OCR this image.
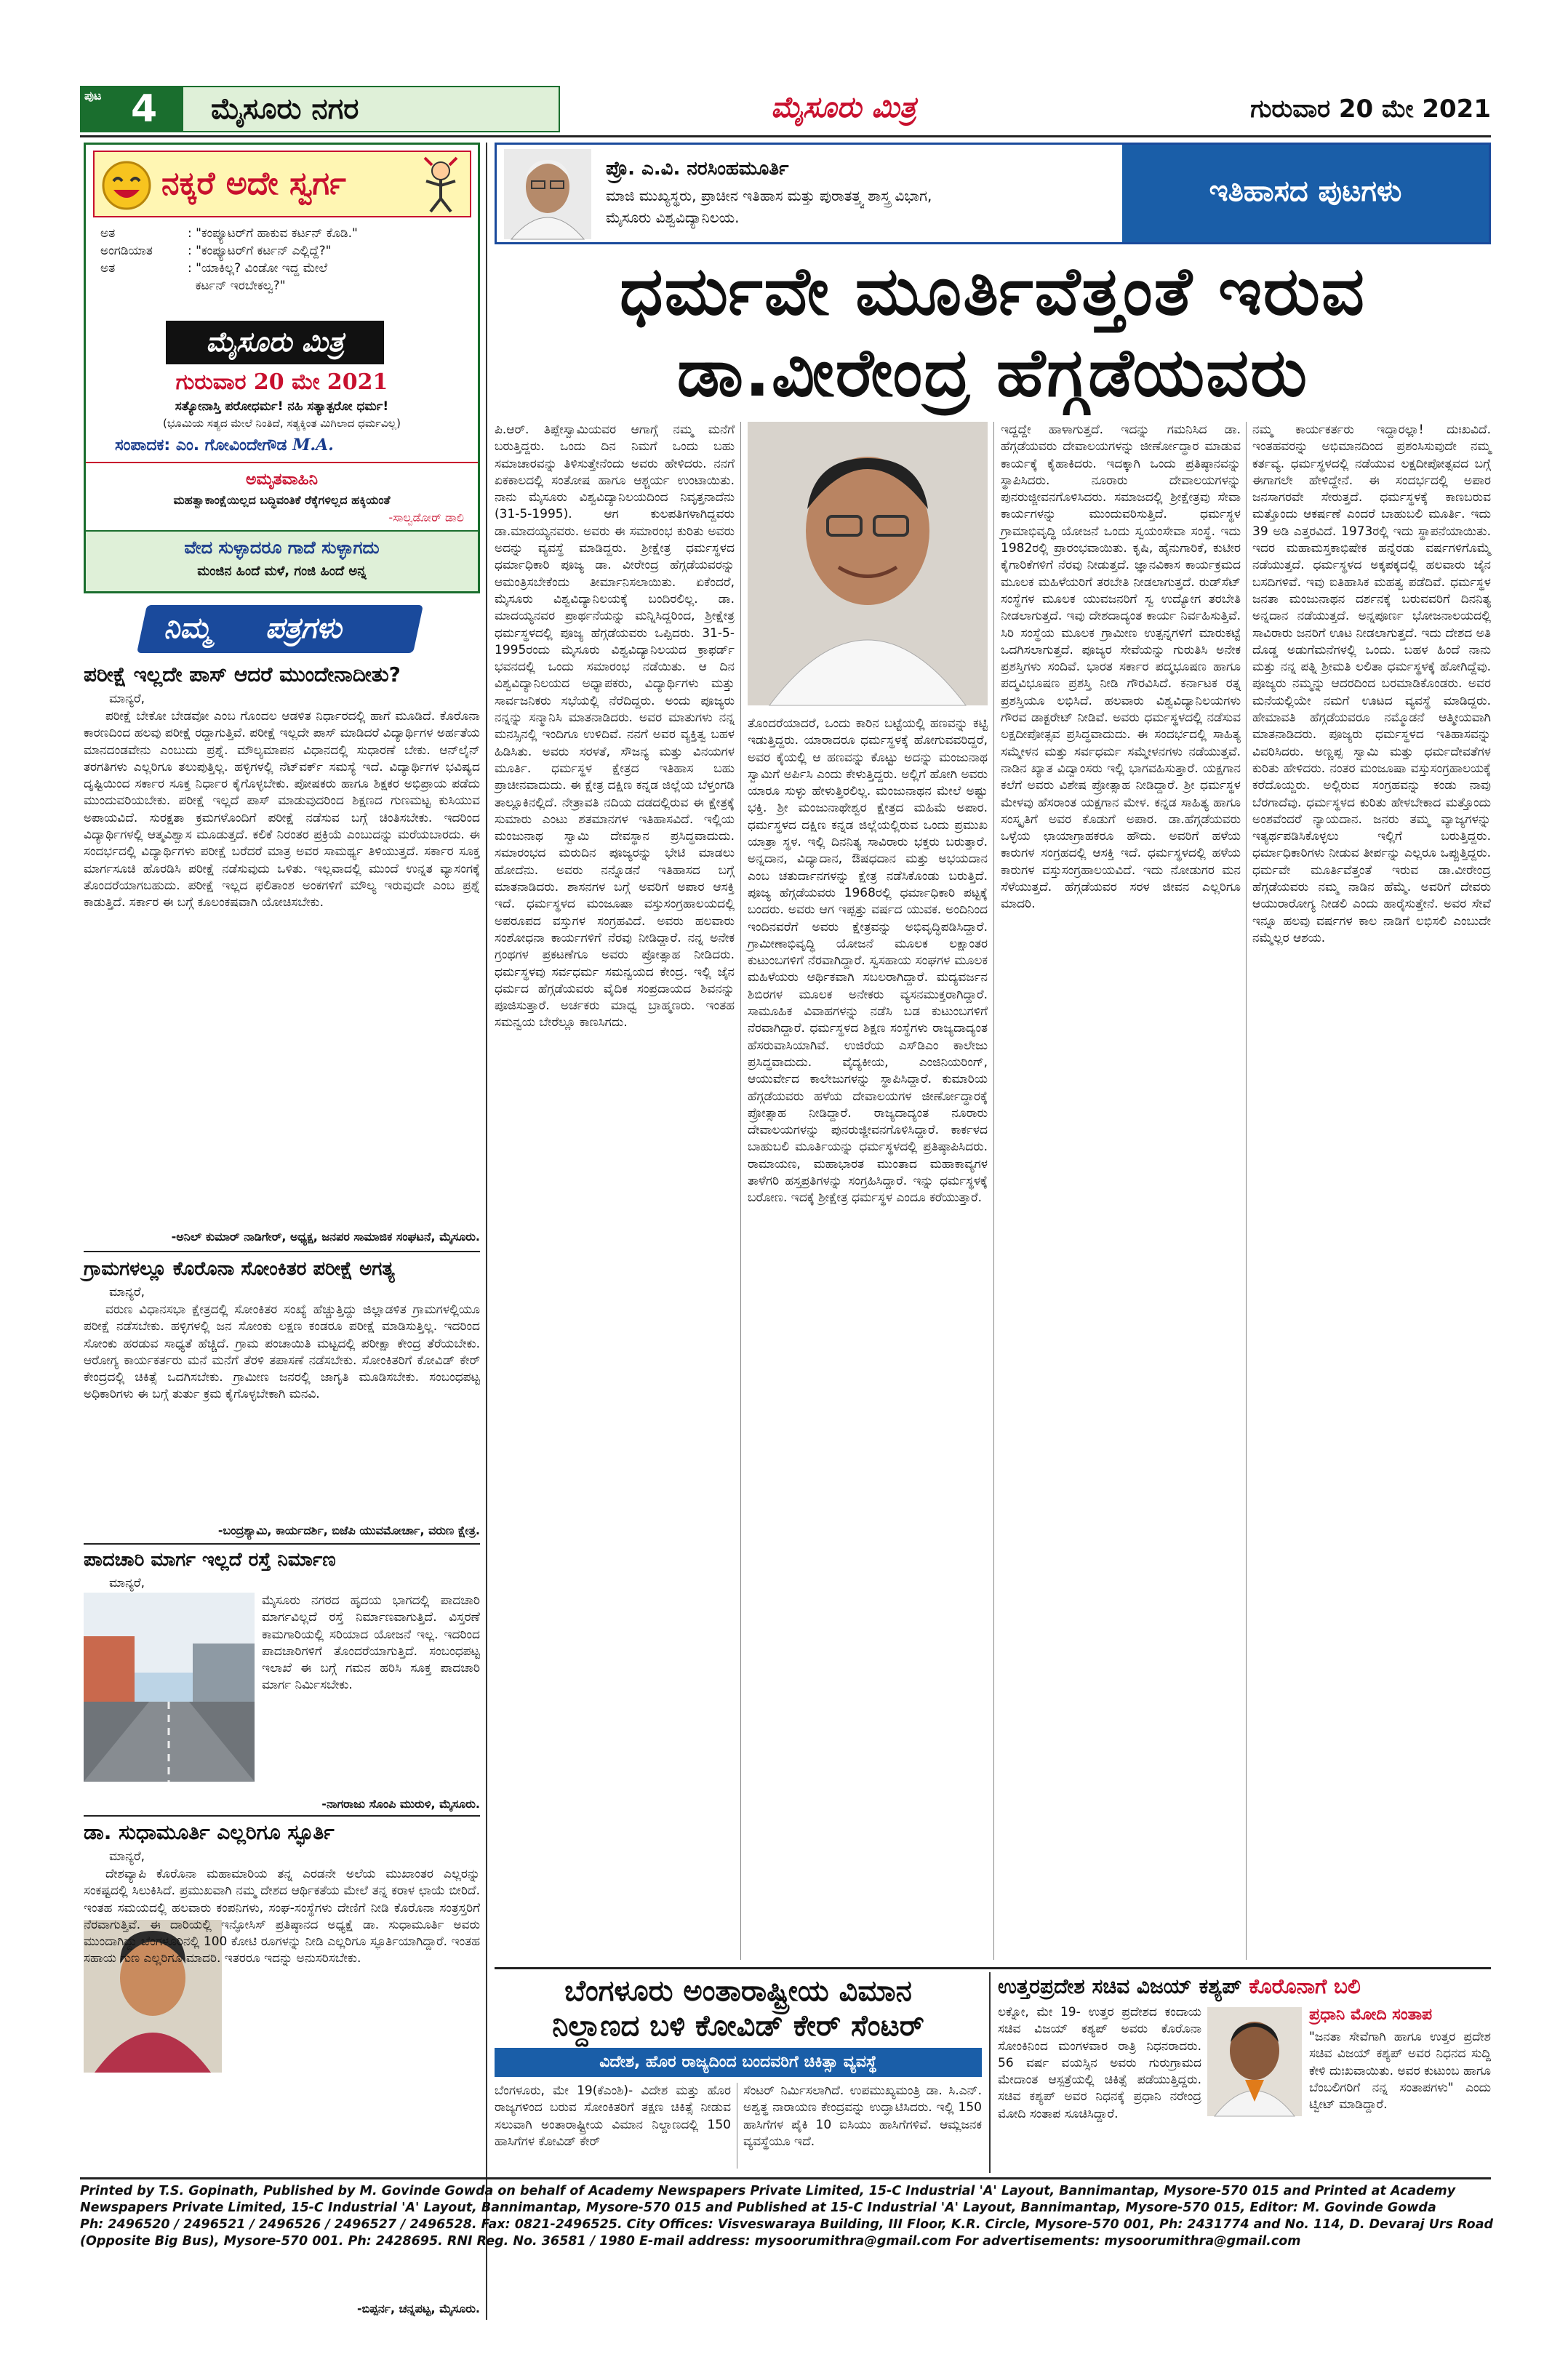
ಪುಟ 4 ಮೈಸೂರು ನಗರ	ಮೈಸೂರು ಮಿತ್ರ	ಗುರುವಾರ 20 ಮೇ 2021
ನಕ್ಕರೆ ಅದೇ ಸ್ವರ್ಗ
ಅತ	: "ಕಂಪ್ಯೂಟರ್‌ಗೆ ಹಾಕುವ ಕರ್ಟನ್ ಕೊಡಿ."
ಅಂಗಡಿಯಾತ	: "ಕಂಪ್ಯೂಟರ್‌ಗೆ ಕರ್ಟನ್ ಎಲ್ಲಿದ್ದೆ?"
ಅತ	: "ಯಾಕಿಲ್ಲ? ವಿಂಡೋ ಇದ್ದ ಮೇಲೆ
ಕರ್ಟನ್ ಇರಬೇಕಲ್ವ?"
ಮೈಸೂರು ಮಿತ್ರ
ಗುರುವಾರ 20 ಮೇ 2021
ಸತ್ಯೋನಾಸ್ತಿ ಪರೋಧರ್ಮ! ನಹಿ ಸತ್ಯಾತ್ಪರೋ ಧರ್ಮ!
(ಭೂಮಿಯ ಸತ್ಯದ ಮೇಲೆ ನಿಂತಿದೆ, ಸತ್ಯಕ್ಕಿಂತ ಮಿಗಿಲಾದ ಧರ್ಮವಿಲ್ಲ)
ಸಂಪಾದಕ: ಎಂ. ಗೋವಿಂದೇಗೌಡ M.A.
ಅಮೃತವಾಹಿನಿ
ಮಹತ್ವಾಕಾಂಕ್ಷೆಯಿಲ್ಲದ ಬದ್ಧಿವಂತಿಕೆ ರೆಕ್ಕೆಗಳಿಲ್ಲದ ಹಕ್ಕಿಯಂತೆ
-ಸಾಲ್ವಡೋರ್ ಡಾಲಿ
ವೇದ ಸುಳ್ಳಾದರೂ ಗಾದೆ ಸುಳ್ಳಾಗದು
ಮಂಜಿನ ಹಿಂದೆ ಮಳೆ, ಗಂಜಿ ಹಿಂದೆ ಅನ್ನ
ನಿಮ್ಮ ಪತ್ರಗಳು
ಪರೀಕ್ಷೆ ಇಲ್ಲದೇ ಪಾಸ್ ಆದರೆ ಮುಂದೇನಾದೀತು?
ಮಾನ್ಯರೆ,
ಪರೀಕ್ಷೆ ಬೇಕೋ ಬೇಡವೋ ಎಂಬ ಗೊಂದಲ ಆಡಳಿತ ನಿರ್ಧಾರದಲ್ಲಿ ಹಾಗೆ ಮೂಡಿದೆ. ಕೊರೊನಾ ಕಾರಣದಿಂದ ಹಲವು ಪರೀಕ್ಷೆ ರದ್ದಾಗುತ್ತಿವೆ. ಪರೀಕ್ಷೆ ಇಲ್ಲದೇ ಪಾಸ್ ಮಾಡಿದರೆ ವಿದ್ಯಾರ್ಥಿಗಳ ಅರ್ಹತೆಯ ಮಾನದಂಡವೇನು ಎಂಬುದು ಪ್ರಶ್ನೆ. ಮೌಲ್ಯಮಾಪನ ವಿಧಾನದಲ್ಲಿ ಸುಧಾರಣೆ ಬೇಕು. ಆನ್‌ಲೈನ್ ತರಗತಿಗಳು ಎಲ್ಲರಿಗೂ ತಲುಪುತ್ತಿಲ್ಲ. ಹಳ್ಳಿಗಳಲ್ಲಿ ನೆಟ್‌ವರ್ಕ್ ಸಮಸ್ಯೆ ಇದೆ. ವಿದ್ಯಾರ್ಥಿಗಳ ಭವಿಷ್ಯದ ದೃಷ್ಟಿಯಿಂದ ಸರ್ಕಾರ ಸೂಕ್ತ ನಿರ್ಧಾರ ಕೈಗೊಳ್ಳಬೇಕು. ಪೋಷಕರು ಹಾಗೂ ಶಿಕ್ಷಕರ ಅಭಿಪ್ರಾಯ ಪಡೆದು ಮುಂದುವರಿಯಬೇಕು. ಪರೀಕ್ಷೆ ಇಲ್ಲದೆ ಪಾಸ್ ಮಾಡುವುದರಿಂದ ಶಿಕ್ಷಣದ ಗುಣಮಟ್ಟ ಕುಸಿಯುವ ಅಪಾಯವಿದೆ. ಸುರಕ್ಷತಾ ಕ್ರಮಗಳೊಂದಿಗೆ ಪರೀಕ್ಷೆ ನಡೆಸುವ ಬಗ್ಗೆ ಚಿಂತಿಸಬೇಕು. ಇದರಿಂದ ವಿದ್ಯಾರ್ಥಿಗಳಲ್ಲಿ ಆತ್ಮವಿಶ್ವಾಸ ಮೂಡುತ್ತದೆ. ಕಲಿಕೆ ನಿರಂತರ ಪ್ರಕ್ರಿಯೆ ಎಂಬುದನ್ನು ಮರೆಯಬಾರದು. ಈ ಸಂದರ್ಭದಲ್ಲಿ ವಿದ್ಯಾರ್ಥಿಗಳು ಪರೀಕ್ಷೆ ಬರೆದರೆ ಮಾತ್ರ ಅವರ ಸಾಮರ್ಥ್ಯ ತಿಳಿಯುತ್ತದೆ. ಸರ್ಕಾರ ಸೂಕ್ತ ಮಾರ್ಗಸೂಚಿ ಹೊರಡಿಸಿ ಪರೀಕ್ಷೆ ನಡೆಸುವುದು ಒಳಿತು. ಇಲ್ಲವಾದಲ್ಲಿ ಮುಂದೆ ಉನ್ನತ ವ್ಯಾಸಂಗಕ್ಕೆ ತೊಂದರೆಯಾಗಬಹುದು. ಪರೀಕ್ಷೆ ಇಲ್ಲದ ಫಲಿತಾಂಶ ಅಂಕಗಳಿಗೆ ಮೌಲ್ಯ ಇರುವುದೇ ಎಂಬ ಪ್ರಶ್ನೆ ಕಾಡುತ್ತಿದೆ. ಸರ್ಕಾರ ಈ ಬಗ್ಗೆ ಕೂಲಂಕಷವಾಗಿ ಯೋಚಿಸಬೇಕು.
-ಅನಿಲ್ ಕುಮಾರ್ ನಾಡಿಗೇರ್, ಅಧ್ಯಕ್ಷ, ಜನಪರ ಸಾಮಾಜಿಕ ಸಂಘಟನೆ, ಮೈಸೂರು.
ಗ್ರಾಮಗಳಲ್ಲೂ ಕೊರೊನಾ ಸೋಂಕಿತರ ಪರೀಕ್ಷೆ ಅಗತ್ಯ
ಮಾನ್ಯರೆ,
ವರುಣ ವಿಧಾನಸಭಾ ಕ್ಷೇತ್ರದಲ್ಲಿ ಸೋಂಕಿತರ ಸಂಖ್ಯೆ ಹೆಚ್ಚುತ್ತಿದ್ದು ಜಿಲ್ಲಾಡಳಿತ ಗ್ರಾಮಗಳಲ್ಲಿಯೂ ಪರೀಕ್ಷೆ ನಡೆಸಬೇಕು. ಹಳ್ಳಿಗಳಲ್ಲಿ ಜನ ಸೋಂಕು ಲಕ್ಷಣ ಕಂಡರೂ ಪರೀಕ್ಷೆ ಮಾಡಿಸುತ್ತಿಲ್ಲ. ಇದರಿಂದ ಸೋಂಕು ಹರಡುವ ಸಾಧ್ಯತೆ ಹೆಚ್ಚಿದೆ. ಗ್ರಾಮ ಪಂಚಾಯಿತಿ ಮಟ್ಟದಲ್ಲಿ ಪರೀಕ್ಷಾ ಕೇಂದ್ರ ತೆರೆಯಬೇಕು. ಆರೋಗ್ಯ ಕಾರ್ಯಕರ್ತರು ಮನೆ ಮನೆಗೆ ತೆರಳಿ ತಪಾಸಣೆ ನಡೆಸಬೇಕು. ಸೋಂಕಿತರಿಗೆ ಕೋವಿಡ್ ಕೇರ್ ಕೇಂದ್ರದಲ್ಲಿ ಚಿಕಿತ್ಸೆ ಒದಗಿಸಬೇಕು. ಗ್ರಾಮೀಣ ಜನರಲ್ಲಿ ಜಾಗೃತಿ ಮೂಡಿಸಬೇಕು. ಸಂಬಂಧಪಟ್ಟ ಅಧಿಕಾರಿಗಳು ಈ ಬಗ್ಗೆ ತುರ್ತು ಕ್ರಮ ಕೈಗೊಳ್ಳಬೇಕಾಗಿ ಮನವಿ.
-ಬಂದ್ರಶ್ಯಾಮಿ, ಕಾರ್ಯದರ್ಶಿ, ಬಿಜೆಪಿ ಯುವಮೋರ್ಚಾ, ವರುಣ ಕ್ಷೇತ್ರ.
ಪಾದಚಾರಿ ಮಾರ್ಗ ಇಲ್ಲದೆ ರಸ್ತೆ ನಿರ್ಮಾಣ
ಮಾನ್ಯರೆ,
ಮೈಸೂರು ನಗರದ ಹೃದಯ ಭಾಗದಲ್ಲಿ ಪಾದಚಾರಿ ಮಾರ್ಗವಿಲ್ಲದೆ ರಸ್ತೆ ನಿರ್ಮಾಣವಾಗುತ್ತಿದೆ. ವಿಸ್ತರಣೆ ಕಾಮಗಾರಿಯಲ್ಲಿ ಸರಿಯಾದ ಯೋಜನೆ ಇಲ್ಲ. ಇದರಿಂದ ಪಾದಚಾರಿಗಳಿಗೆ ತೊಂದರೆಯಾಗುತ್ತಿದೆ. ಸಂಬಂಧಪಟ್ಟ ಇಲಾಖೆ ಈ ಬಗ್ಗೆ ಗಮನ ಹರಿಸಿ ಸೂಕ್ತ ಪಾದಚಾರಿ ಮಾರ್ಗ ನಿರ್ಮಿಸಬೇಕು.
-ನಾಗರಾಜು ಸೊಂಪಿ ಮುರುಳಿ, ಮೈಸೂರು.
ಡಾ. ಸುಧಾಮೂರ್ತಿ ಎಲ್ಲರಿಗೂ ಸ್ಫೂರ್ತಿ
ಮಾನ್ಯರೆ,
ದೇಶವ್ಯಾಪಿ ಕೊರೊನಾ ಮಹಾಮಾರಿಯ ತನ್ನ ಎರಡನೇ ಅಲೆಯ ಮುಖಾಂತರ ಎಲ್ಲರನ್ನು ಸಂಕಷ್ಟದಲ್ಲಿ ಸಿಲುಕಿಸಿದೆ. ಪ್ರಮುಖವಾಗಿ ನಮ್ಮ ದೇಶದ ಆರ್ಥಿಕತೆಯ ಮೇಲೆ ತನ್ನ ಕರಾಳ ಛಾಯೆ ಬೀರಿದೆ. ಇಂತಹ ಸಮಯದಲ್ಲಿ ಹಲವಾರು ಕಂಪನಿಗಳು, ಸಂಘ-ಸಂಸ್ಥೆಗಳು ದೇಣಿಗೆ ನೀಡಿ ಕೊರೊನಾ ಸಂತ್ರಸ್ತರಿಗೆ ನೆರವಾಗುತ್ತಿವೆ. ಈ ದಾರಿಯಲ್ಲಿ ಇನ್ಫೋಸಿಸ್ ಪ್ರತಿಷ್ಠಾನದ ಅಧ್ಯಕ್ಷೆ ಡಾ. ಸುಧಾಮೂರ್ತಿ ಅವರು ಮುಂದಾಗಿದ್ದು ಬೆಂಗಳೂರಿನಲ್ಲಿ 100 ಕೋಟಿ ರೂಗಳನ್ನು ನೀಡಿ ಎಲ್ಲರಿಗೂ ಸ್ಫೂರ್ತಿಯಾಗಿದ್ದಾರೆ. ಇಂತಹ ಸಹಾಯ ಗುಣ ಎಲ್ಲರಿಗೂ ಮಾದರಿ. ಇತರರೂ ಇದನ್ನು ಅನುಸರಿಸಬೇಕು.
-ಬಿಪ್ಪರ್ನ, ಚನ್ನಪಟ್ಟ, ಮೈಸೂರು.
ಪ್ರೊ. ಎ.ವಿ. ನರಸಿಂಹಮೂರ್ತಿ
ಮಾಜಿ ಮುಖ್ಯಸ್ಥರು, ಪ್ರಾಚೀನ ಇತಿಹಾಸ ಮತ್ತು ಪುರಾತತ್ತ್ವ ಶಾಸ್ತ್ರ ವಿಭಾಗ,
ಮೈಸೂರು ವಿಶ್ವವಿದ್ಯಾನಿಲಯ.
ಇತಿಹಾಸದ ಪುಟಗಳು
ಧರ್ಮವೇ ಮೂರ್ತಿವೆತ್ತಂತೆ ಇರುವ
ಡಾ.ವೀರೇಂದ್ರ ಹೆಗ್ಗಡೆಯವರು
ಪಿ.ಆರ್. ತಿಪ್ಪೇಸ್ವಾಮಿಯವರ ಆಗಾಗ್ಗೆ ನಮ್ಮ ಮನೆಗೆ ಬರುತ್ತಿದ್ದರು. ಒಂದು ದಿನ ನಿಮಗೆ ಒಂದು ಬಹು ಸಮಾಚಾರವನ್ನು ತಿಳಿಸುತ್ತೇನೆಂದು ಅವರು ಹೇಳಿದರು. ನನಗೆ ಏಕಕಾಲದಲ್ಲಿ ಸಂತೋಷ ಹಾಗೂ ಆಶ್ಚರ್ಯ ಉಂಟಾಯಿತು. ನಾನು ಮೈಸೂರು ವಿಶ್ವವಿದ್ಯಾನಿಲಯದಿಂದ ನಿವೃತ್ತನಾದೆನು (31-5-1995). ಆಗ ಕುಲಪತಿಗಳಾಗಿದ್ದವರು ಡಾ.ಮಾದಯ್ಯನವರು. ಅವರು ಈ ಸಮಾರಂಭ ಕುರಿತು ಅವರು ಅದನ್ನು ವ್ಯವಸ್ಥೆ ಮಾಡಿದ್ದರು. ಶ್ರೀಕ್ಷೇತ್ರ ಧರ್ಮಸ್ಥಳದ ಧರ್ಮಾಧಿಕಾರಿ ಪೂಜ್ಯ ಡಾ. ವೀರೇಂದ್ರ ಹೆಗ್ಗಡೆಯವರನ್ನು ಆಮಂತ್ರಿಸಬೇಕೆಂದು ತೀರ್ಮಾನಿಸಲಾಯಿತು. ಏಕೆಂದರೆ, ಮೈಸೂರು ವಿಶ್ವವಿದ್ಯಾನಿಲಯಕ್ಕೆ ಬಂದಿರಲಿಲ್ಲ. ಡಾ. ಮಾದಯ್ಯನವರ ಪ್ರಾರ್ಥನೆಯನ್ನು ಮನ್ನಿಸಿದ್ದರಿಂದ, ಶ್ರೀಕ್ಷೇತ್ರ ಧರ್ಮಸ್ಥಳದಲ್ಲಿ ಪೂಜ್ಯ ಹೆಗ್ಗಡೆಯವರು ಒಪ್ಪಿದರು. 31-5-1995ರಂದು ಮೈಸೂರು ವಿಶ್ವವಿದ್ಯಾನಿಲಯದ ಕ್ರಾಫರ್ಡ್ ಭವನದಲ್ಲಿ ಒಂದು ಸಮಾರಂಭ ನಡೆಯಿತು. ಆ ದಿನ ವಿಶ್ವವಿದ್ಯಾನಿಲಯದ ಅಧ್ಯಾಪಕರು, ವಿದ್ಯಾರ್ಥಿಗಳು ಮತ್ತು ಸಾರ್ವಜನಿಕರು ಸಭೆಯಲ್ಲಿ ನೆರೆದಿದ್ದರು. ಅಂದು ಪೂಜ್ಯರು ನನ್ನನ್ನು ಸನ್ಮಾನಿಸಿ ಮಾತನಾಡಿದರು. ಅವರ ಮಾತುಗಳು ನನ್ನ ಮನಸ್ಸಿನಲ್ಲಿ ಇಂದಿಗೂ ಉಳಿದಿವೆ. ನನಗೆ ಅವರ ವ್ಯಕ್ತಿತ್ವ ಬಹಳ ಹಿಡಿಸಿತು. ಅವರು ಸರಳತೆ, ಸೌಜನ್ಯ ಮತ್ತು ವಿನಯಗಳ ಮೂರ್ತಿ. ಧರ್ಮಸ್ಥಳ ಕ್ಷೇತ್ರದ ಇತಿಹಾಸ ಬಹು ಪ್ರಾಚೀನವಾದುದು. ಈ ಕ್ಷೇತ್ರ ದಕ್ಷಿಣ ಕನ್ನಡ ಜಿಲ್ಲೆಯ ಬೆಳ್ತಂಗಡಿ ತಾಲ್ಲೂಕಿನಲ್ಲಿದೆ. ನೇತ್ರಾವತಿ ನದಿಯ ದಡದಲ್ಲಿರುವ ಈ ಕ್ಷೇತ್ರಕ್ಕೆ ಸುಮಾರು ಎಂಟು ಶತಮಾನಗಳ ಇತಿಹಾಸವಿದೆ. ಇಲ್ಲಿಯ ಮಂಜುನಾಥ ಸ್ವಾಮಿ ದೇವಸ್ಥಾನ ಪ್ರಸಿದ್ಧವಾದುದು. ಸಮಾರಂಭದ ಮರುದಿನ ಪೂಜ್ಯರನ್ನು ಭೇಟಿ ಮಾಡಲು ಹೋದೆನು. ಅವರು ನನ್ನೊಡನೆ ಇತಿಹಾಸದ ಬಗ್ಗೆ ಮಾತನಾಡಿದರು. ಶಾಸನಗಳ ಬಗ್ಗೆ ಅವರಿಗೆ ಅಪಾರ ಆಸಕ್ತಿ ಇದೆ. ಧರ್ಮಸ್ಥಳದ ಮಂಜೂಷಾ ವಸ್ತುಸಂಗ್ರಹಾಲಯದಲ್ಲಿ ಅಪರೂಪದ ವಸ್ತುಗಳ ಸಂಗ್ರಹವಿದೆ. ಅವರು ಹಲವಾರು ಸಂಶೋಧನಾ ಕಾರ್ಯಗಳಿಗೆ ನೆರವು ನೀಡಿದ್ದಾರೆ. ನನ್ನ ಅನೇಕ ಗ್ರಂಥಗಳ ಪ್ರಕಟಣೆಗೂ ಅವರು ಪ್ರೋತ್ಸಾಹ ನೀಡಿದರು. ಧರ್ಮಸ್ಥಳವು ಸರ್ವಧರ್ಮ ಸಮನ್ವಯದ ಕೇಂದ್ರ. ಇಲ್ಲಿ ಜೈನ ಧರ್ಮದ ಹೆಗ್ಗಡೆಯವರು ವೈದಿಕ ಸಂಪ್ರದಾಯದ ಶಿವನನ್ನು ಪೂಜಿಸುತ್ತಾರೆ. ಅರ್ಚಕರು ಮಾಧ್ವ ಬ್ರಾಹ್ಮಣರು. ಇಂತಹ ಸಮನ್ವಯ ಬೇರೆಲ್ಲೂ ಕಾಣಸಿಗದು.
ತೊಂದರೆಯಾದರೆ, ಒಂದು ಕಾರಿನ ಬಟ್ಟೆಯಲ್ಲಿ ಹಣವನ್ನು ಕಟ್ಟಿ ಇಡುತ್ತಿದ್ದರು. ಯಾರಾದರೂ ಧರ್ಮಸ್ಥಳಕ್ಕೆ ಹೋಗುವವರಿದ್ದರೆ, ಅವರ ಕೈಯಲ್ಲಿ ಆ ಹಣವನ್ನು ಕೊಟ್ಟು ಅದನ್ನು ಮಂಜುನಾಥ ಸ್ವಾಮಿಗೆ ಅರ್ಪಿಸಿ ಎಂದು ಕೇಳುತ್ತಿದ್ದರು. ಅಲ್ಲಿಗೆ ಹೋಗಿ ಅವರು ಯಾರೂ ಸುಳ್ಳು ಹೇಳುತ್ತಿರಲಿಲ್ಲ. ಮಂಜುನಾಥನ ಮೇಲೆ ಅಷ್ಟು ಭಕ್ತಿ. ಶ್ರೀ ಮಂಜುನಾಥೇಶ್ವರ ಕ್ಷೇತ್ರದ ಮಹಿಮೆ ಅಪಾರ. ಧರ್ಮಸ್ಥಳದ ದಕ್ಷಿಣ ಕನ್ನಡ ಜಿಲ್ಲೆಯಲ್ಲಿರುವ ಒಂದು ಪ್ರಮುಖ ಯಾತ್ರಾ ಸ್ಥಳ. ಇಲ್ಲಿ ದಿನನಿತ್ಯ ಸಾವಿರಾರು ಭಕ್ತರು ಬರುತ್ತಾರೆ. ಅನ್ನದಾನ, ವಿದ್ಯಾದಾನ, ಔಷಧದಾನ ಮತ್ತು ಅಭಯದಾನ ಎಂಬ ಚತುರ್ದಾನಗಳನ್ನು ಕ್ಷೇತ್ರ ನಡೆಸಿಕೊಂಡು ಬರುತ್ತಿದೆ. ಪೂಜ್ಯ ಹೆಗ್ಗಡೆಯವರು 1968ರಲ್ಲಿ ಧರ್ಮಾಧಿಕಾರಿ ಪಟ್ಟಕ್ಕೆ ಬಂದರು. ಅವರು ಆಗ ಇಪ್ಪತ್ತು ವರ್ಷದ ಯುವಕ. ಅಂದಿನಿಂದ ಇಂದಿನವರೆಗೆ ಅವರು ಕ್ಷೇತ್ರವನ್ನು ಅಭಿವೃದ್ಧಿಪಡಿಸಿದ್ದಾರೆ. ಗ್ರಾಮೀಣಾಭಿವೃದ್ಧಿ ಯೋಜನೆ ಮೂಲಕ ಲಕ್ಷಾಂತರ ಕುಟುಂಬಗಳಿಗೆ ನೆರವಾಗಿದ್ದಾರೆ. ಸ್ವಸಹಾಯ ಸಂಘಗಳ ಮೂಲಕ ಮಹಿಳೆಯರು ಆರ್ಥಿಕವಾಗಿ ಸಬಲರಾಗಿದ್ದಾರೆ. ಮದ್ಯವರ್ಜನ ಶಿಬಿರಗಳ ಮೂಲಕ ಅನೇಕರು ವ್ಯಸನಮುಕ್ತರಾಗಿದ್ದಾರೆ. ಸಾಮೂಹಿಕ ವಿವಾಹಗಳನ್ನು ನಡೆಸಿ ಬಡ ಕುಟುಂಬಗಳಿಗೆ ನೆರವಾಗಿದ್ದಾರೆ. ಧರ್ಮಸ್ಥಳದ ಶಿಕ್ಷಣ ಸಂಸ್ಥೆಗಳು ರಾಜ್ಯದಾದ್ಯಂತ ಹೆಸರುವಾಸಿಯಾಗಿವೆ. ಉಜಿರೆಯ ಎಸ್‌ಡಿಎಂ ಕಾಲೇಜು ಪ್ರಸಿದ್ಧವಾದುದು. ವೈದ್ಯಕೀಯ, ಎಂಜಿನಿಯರಿಂಗ್, ಆಯುರ್ವೇದ ಕಾಲೇಜುಗಳನ್ನು ಸ್ಥಾಪಿಸಿದ್ದಾರೆ. ಕುಮಾರಿಯ ಹೆಗ್ಗಡೆಯವರು ಹಳೆಯ ದೇವಾಲಯಗಳ ಜೀರ್ಣೋದ್ಧಾರಕ್ಕೆ ಪ್ರೋತ್ಸಾಹ ನೀಡಿದ್ದಾರೆ. ರಾಜ್ಯದಾದ್ಯಂತ ನೂರಾರು ದೇವಾಲಯಗಳನ್ನು ಪುನರುಜ್ಜೀವನಗೊಳಿಸಿದ್ದಾರೆ. ಕಾರ್ಕಳದ ಬಾಹುಬಲಿ ಮೂರ್ತಿಯನ್ನು ಧರ್ಮಸ್ಥಳದಲ್ಲಿ ಪ್ರತಿಷ್ಠಾಪಿಸಿದರು. ರಾಮಾಯಣ, ಮಹಾಭಾರತ ಮುಂತಾದ ಮಹಾಕಾವ್ಯಗಳ ತಾಳೆಗರಿ ಹಸ್ತಪ್ರತಿಗಳನ್ನು ಸಂಗ್ರಹಿಸಿದ್ದಾರೆ. ಇನ್ನು ಧರ್ಮಸ್ಥಳಕ್ಕೆ ಬರೋಣ. ಇದಕ್ಕೆ ಶ್ರೀಕ್ಷೇತ್ರ ಧರ್ಮಸ್ಥಳ ಎಂದೂ ಕರೆಯುತ್ತಾರೆ.
ಇದ್ದದ್ದೇ ಹಾಳಾಗುತ್ತದೆ. ಇದನ್ನು ಗಮನಿಸಿದ ಡಾ. ಹೆಗ್ಗಡೆಯವರು ದೇವಾಲಯಗಳನ್ನು ಜೀರ್ಣೋದ್ಧಾರ ಮಾಡುವ ಕಾರ್ಯಕ್ಕೆ ಕೈಹಾಕಿದರು. ಇದಕ್ಕಾಗಿ ಒಂದು ಪ್ರತಿಷ್ಠಾನವನ್ನು ಸ್ಥಾಪಿಸಿದರು. ನೂರಾರು ದೇವಾಲಯಗಳನ್ನು ಪುನರುಜ್ಜೀವನಗೊಳಿಸಿದರು. ಸಮಾಜದಲ್ಲಿ ಶ್ರೀಕ್ಷೇತ್ರವು ಸೇವಾ ಕಾರ್ಯಗಳನ್ನು ಮುಂದುವರಿಸುತ್ತಿದೆ. ಧರ್ಮಸ್ಥಳ ಗ್ರಾಮಾಭಿವೃದ್ಧಿ ಯೋಜನೆ ಒಂದು ಸ್ವಯಂಸೇವಾ ಸಂಸ್ಥೆ. ಇದು 1982ರಲ್ಲಿ ಪ್ರಾರಂಭವಾಯಿತು. ಕೃಷಿ, ಹೈನುಗಾರಿಕೆ, ಕುಟೀರ ಕೈಗಾರಿಕೆಗಳಿಗೆ ನೆರವು ನೀಡುತ್ತದೆ. ಜ್ಞಾನವಿಕಾಸ ಕಾರ್ಯಕ್ರಮದ ಮೂಲಕ ಮಹಿಳೆಯರಿಗೆ ತರಬೇತಿ ನೀಡಲಾಗುತ್ತದೆ. ರುಡ್‌ಸೆಟ್ ಸಂಸ್ಥೆಗಳ ಮೂಲಕ ಯುವಜನರಿಗೆ ಸ್ವ ಉದ್ಯೋಗ ತರಬೇತಿ ನೀಡಲಾಗುತ್ತದೆ. ಇವು ದೇಶದಾದ್ಯಂತ ಕಾರ್ಯ ನಿರ್ವಹಿಸುತ್ತಿವೆ. ಸಿರಿ ಸಂಸ್ಥೆಯ ಮೂಲಕ ಗ್ರಾಮೀಣ ಉತ್ಪನ್ನಗಳಿಗೆ ಮಾರುಕಟ್ಟೆ ಒದಗಿಸಲಾಗುತ್ತದೆ. ಪೂಜ್ಯರ ಸೇವೆಯನ್ನು ಗುರುತಿಸಿ ಅನೇಕ ಪ್ರಶಸ್ತಿಗಳು ಸಂದಿವೆ. ಭಾರತ ಸರ್ಕಾರ ಪದ್ಮಭೂಷಣ ಹಾಗೂ ಪದ್ಮವಿಭೂಷಣ ಪ್ರಶಸ್ತಿ ನೀಡಿ ಗೌರವಿಸಿದೆ. ಕರ್ನಾಟಕ ರತ್ನ ಪ್ರಶಸ್ತಿಯೂ ಲಭಿಸಿದೆ. ಹಲವಾರು ವಿಶ್ವವಿದ್ಯಾನಿಲಯಗಳು ಗೌರವ ಡಾಕ್ಟರೇಟ್ ನೀಡಿವೆ. ಅವರು ಧರ್ಮಸ್ಥಳದಲ್ಲಿ ನಡೆಸುವ ಲಕ್ಷದೀಪೋತ್ಸವ ಪ್ರಸಿದ್ಧವಾದುದು. ಈ ಸಂದರ್ಭದಲ್ಲಿ ಸಾಹಿತ್ಯ ಸಮ್ಮೇಳನ ಮತ್ತು ಸರ್ವಧರ್ಮ ಸಮ್ಮೇಳನಗಳು ನಡೆಯುತ್ತವೆ. ನಾಡಿನ ಖ್ಯಾತ ವಿದ್ವಾಂಸರು ಇಲ್ಲಿ ಭಾಗವಹಿಸುತ್ತಾರೆ. ಯಕ್ಷಗಾನ ಕಲೆಗೆ ಅವರು ವಿಶೇಷ ಪ್ರೋತ್ಸಾಹ ನೀಡಿದ್ದಾರೆ. ಶ್ರೀ ಧರ್ಮಸ್ಥಳ ಮೇಳವು ಹೆಸರಾಂತ ಯಕ್ಷಗಾನ ಮೇಳ. ಕನ್ನಡ ಸಾಹಿತ್ಯ ಹಾಗೂ ಸಂಸ್ಕೃತಿಗೆ ಅವರ ಕೊಡುಗೆ ಅಪಾರ. ಡಾ.ಹೆಗ್ಗಡೆಯವರು ಒಳ್ಳೆಯ ಛಾಯಾಗ್ರಾಹಕರೂ ಹೌದು. ಅವರಿಗೆ ಹಳೆಯ ಕಾರುಗಳ ಸಂಗ್ರಹದಲ್ಲಿ ಆಸಕ್ತಿ ಇದೆ. ಧರ್ಮಸ್ಥಳದಲ್ಲಿ ಹಳೆಯ ಕಾರುಗಳ ವಸ್ತುಸಂಗ್ರಹಾಲಯವಿದೆ. ಇದು ನೋಡುಗರ ಮನ ಸೆಳೆಯುತ್ತದೆ. ಹೆಗ್ಗಡೆಯವರ ಸರಳ ಜೀವನ ಎಲ್ಲರಿಗೂ ಮಾದರಿ.
ನಮ್ಮ ಕಾರ್ಯಕರ್ತರು ಇದ್ದಾರಲ್ಲಾ! ದುಃಖವಿದೆ. ಇಂತಹವರನ್ನು ಅಭಿಮಾನದಿಂದ ಪ್ರಶಂಸಿಸುವುದೇ ನಮ್ಮ ಕರ್ತವ್ಯ. ಧರ್ಮಸ್ಥಳದಲ್ಲಿ ನಡೆಯುವ ಲಕ್ಷದೀಪೋತ್ಸವದ ಬಗ್ಗೆ ಈಗಾಗಲೇ ಹೇಳಿದ್ದೇನೆ. ಈ ಸಂದರ್ಭದಲ್ಲಿ ಅಪಾರ ಜನಸಾಗರವೇ ಸೇರುತ್ತದೆ. ಧರ್ಮಸ್ಥಳಕ್ಕೆ ಕಾಣಬರುವ ಮತ್ತೊಂದು ಆಕರ್ಷಣೆ ಎಂದರೆ ಬಾಹುಬಲಿ ಮೂರ್ತಿ. ಇದು 39 ಅಡಿ ಎತ್ತರವಿದೆ. 1973ರಲ್ಲಿ ಇದು ಸ್ಥಾಪನೆಯಾಯಿತು. ಇದರ ಮಹಾಮಸ್ತಕಾಭಿಷೇಕ ಹನ್ನೆರಡು ವರ್ಷಗಳಿಗೊಮ್ಮೆ ನಡೆಯುತ್ತದೆ. ಧರ್ಮಸ್ಥಳದ ಅಕ್ಕಪಕ್ಕದಲ್ಲಿ ಹಲವಾರು ಜೈನ ಬಸದಿಗಳಿವೆ. ಇವು ಐತಿಹಾಸಿಕ ಮಹತ್ವ ಪಡೆದಿವೆ. ಧರ್ಮಸ್ಥಳ ಜನತಾ ಮಂಜುನಾಥನ ದರ್ಶನಕ್ಕೆ ಬರುವವರಿಗೆ ದಿನನಿತ್ಯ ಅನ್ನದಾನ ನಡೆಯುತ್ತದೆ. ಅನ್ನಪೂರ್ಣ ಭೋಜನಾಲಯದಲ್ಲಿ ಸಾವಿರಾರು ಜನರಿಗೆ ಊಟ ನೀಡಲಾಗುತ್ತದೆ. ಇದು ದೇಶದ ಅತಿ ದೊಡ್ಡ ಅಡುಗೆಮನೆಗಳಲ್ಲಿ ಒಂದು. ಬಹಳ ಹಿಂದೆ ನಾನು ಮತ್ತು ನನ್ನ ಪತ್ನಿ ಶ್ರೀಮತಿ ಲಲಿತಾ ಧರ್ಮಸ್ಥಳಕ್ಕೆ ಹೋಗಿದ್ದೆವು. ಪೂಜ್ಯರು ನಮ್ಮನ್ನು ಆದರದಿಂದ ಬರಮಾಡಿಕೊಂಡರು. ಅವರ ಮನೆಯಲ್ಲಿಯೇ ನಮಗೆ ಊಟದ ವ್ಯವಸ್ಥೆ ಮಾಡಿದ್ದರು. ಹೇಮಾವತಿ ಹೆಗ್ಗಡೆಯವರೂ ನಮ್ಮೊಡನೆ ಆತ್ಮೀಯವಾಗಿ ಮಾತನಾಡಿದರು. ಪೂಜ್ಯರು ಧರ್ಮಸ್ಥಳದ ಇತಿಹಾಸವನ್ನು ವಿವರಿಸಿದರು. ಅಣ್ಣಪ್ಪ ಸ್ವಾಮಿ ಮತ್ತು ಧರ್ಮದೇವತೆಗಳ ಕುರಿತು ಹೇಳಿದರು. ನಂತರ ಮಂಜೂಷಾ ವಸ್ತುಸಂಗ್ರಹಾಲಯಕ್ಕೆ ಕರೆದೊಯ್ದರು. ಅಲ್ಲಿರುವ ಸಂಗ್ರಹವನ್ನು ಕಂಡು ನಾವು ಬೆರಗಾದೆವು. ಧರ್ಮಸ್ಥಳದ ಕುರಿತು ಹೇಳಬೇಕಾದ ಮತ್ತೊಂದು ಅಂಶವೆಂದರೆ ನ್ಯಾಯದಾನ. ಜನರು ತಮ್ಮ ವ್ಯಾಜ್ಯಗಳನ್ನು ಇತ್ಯರ್ಥಪಡಿಸಿಕೊಳ್ಳಲು ಇಲ್ಲಿಗೆ ಬರುತ್ತಿದ್ದರು. ಧರ್ಮಾಧಿಕಾರಿಗಳು ನೀಡುವ ತೀರ್ಪನ್ನು ಎಲ್ಲರೂ ಒಪ್ಪುತ್ತಿದ್ದರು. ಧರ್ಮವೇ ಮೂರ್ತಿವೆತ್ತಂತೆ ಇರುವ ಡಾ.ವೀರೇಂದ್ರ ಹೆಗ್ಗಡೆಯವರು ನಮ್ಮ ನಾಡಿನ ಹೆಮ್ಮೆ. ಅವರಿಗೆ ದೇವರು ಆಯುರಾರೋಗ್ಯ ನೀಡಲಿ ಎಂದು ಹಾರೈಸುತ್ತೇನೆ. ಅವರ ಸೇವೆ ಇನ್ನೂ ಹಲವು ವರ್ಷಗಳ ಕಾಲ ನಾಡಿಗೆ ಲಭಿಸಲಿ ಎಂಬುದೇ ನಮ್ಮೆಲ್ಲರ ಆಶಯ.
ಬೆಂಗಳೂರು ಅಂತಾರಾಷ್ಟ್ರೀಯ ವಿಮಾನ
ನಿಲ್ದಾಣದ ಬಳಿ ಕೋವಿಡ್ ಕೇರ್ ಸೆಂಟರ್
ವಿದೇಶ, ಹೊರ ರಾಜ್ಯದಿಂದ ಬಂದವರಿಗೆ ಚಿಕಿತ್ಸಾ ವ್ಯವಸ್ಥೆ
ಬೆಂಗಳೂರು, ಮೇ 19(ಕೆಎಂಶಿ)- ವಿದೇಶ ಮತ್ತು ಹೊರ ರಾಜ್ಯಗಳಿಂದ ಬರುವ ಸೋಂಕಿತರಿಗೆ ತಕ್ಷಣ ಚಿಕಿತ್ಸೆ ನೀಡುವ ಸಲುವಾಗಿ ಅಂತಾರಾಷ್ಟ್ರೀಯ ವಿಮಾನ ನಿಲ್ದಾಣದಲ್ಲಿ 150 ಹಾಸಿಗೆಗಳ ಕೋವಿಡ್ ಕೇರ್
ಸೆಂಟರ್ ನಿರ್ಮಿಸಲಾಗಿದೆ. ಉಪಮುಖ್ಯಮಂತ್ರಿ ಡಾ. ಸಿ.ಎನ್. ಅಶ್ವತ್ಥ ನಾರಾಯಣ ಕೇಂದ್ರವನ್ನು ಉದ್ಘಾಟಿಸಿದರು. ಇಲ್ಲಿ 150 ಹಾಸಿಗೆಗಳ ಪೈಕಿ 10 ಐಸಿಯು ಹಾಸಿಗೆಗಳಿವೆ. ಆಮ್ಲಜನಕ ವ್ಯವಸ್ಥೆಯೂ ಇದೆ.
ಉತ್ತರಪ್ರದೇಶ ಸಚಿವ ವಿಜಯ್ ಕಶ್ಯಪ್ ಕೊರೊನಾಗೆ ಬಲಿ
ಲಕ್ನೋ, ಮೇ 19- ಉತ್ತರ ಪ್ರದೇಶದ ಕಂದಾಯ ಸಚಿವ ವಿಜಯ್ ಕಶ್ಯಪ್ ಅವರು ಕೊರೊನಾ ಸೋಂಕಿನಿಂದ ಮಂಗಳವಾರ ರಾತ್ರಿ ನಿಧನರಾದರು. 56 ವರ್ಷ ವಯಸ್ಸಿನ ಅವರು ಗುರುಗ್ರಾಮದ ಮೇದಾಂತ ಆಸ್ಪತ್ರೆಯಲ್ಲಿ ಚಿಕಿತ್ಸೆ ಪಡೆಯುತ್ತಿದ್ದರು. ಸಚಿವ ಕಶ್ಯಪ್ ಅವರ ನಿಧನಕ್ಕೆ ಪ್ರಧಾನಿ ನರೇಂದ್ರ ಮೋದಿ ಸಂತಾಪ ಸೂಚಿಸಿದ್ದಾರೆ.
ಪ್ರಧಾನಿ ಮೋದಿ ಸಂತಾಪ
"ಜನತಾ ಸೇವೆಗಾಗಿ ಹಾಗೂ ಉತ್ತರ ಪ್ರದೇಶ ಸಚಿವ ವಿಜಯ್ ಕಶ್ಯಪ್ ಅವರ ನಿಧನದ ಸುದ್ದಿ ಕೇಳಿ ದುಃಖವಾಯಿತು. ಅವರ ಕುಟುಂಬ ಹಾಗೂ ಬೆಂಬಲಿಗರಿಗೆ ನನ್ನ ಸಂತಾಪಗಳು" ಎಂದು ಟ್ವೀಟ್ ಮಾಡಿದ್ದಾರೆ.
Printed by T.S. Gopinath, Published by M. Govinde Gowda on behalf of Academy Newspapers Private Limited, 15-C Industrial 'A' Layout, Bannimantap, Mysore-570 015 and Printed at Academy
Newspapers Private Limited, 15-C Industrial 'A' Layout, Bannimantap, Mysore-570 015 and Published at 15-C Industrial 'A' Layout, Bannimantap, Mysore-570 015, Editor: M. Govinde Gowda
Ph: 2496520 / 2496521 / 2496526 / 2496527 / 2496528. Fax: 0821-2496525. City Offices: Visveswaraya Building, III Floor, K.R. Circle, Mysore-570 001, Ph: 2431774 and No. 114, D. Devaraj Urs Road
(Opposite Big Bus), Mysore-570 001. Ph: 2428695. RNI Reg. No. 36581 / 1980 E-mail address: mysoorumithra@gmail.com For advertisements: mysoorumithra@gmail.com
